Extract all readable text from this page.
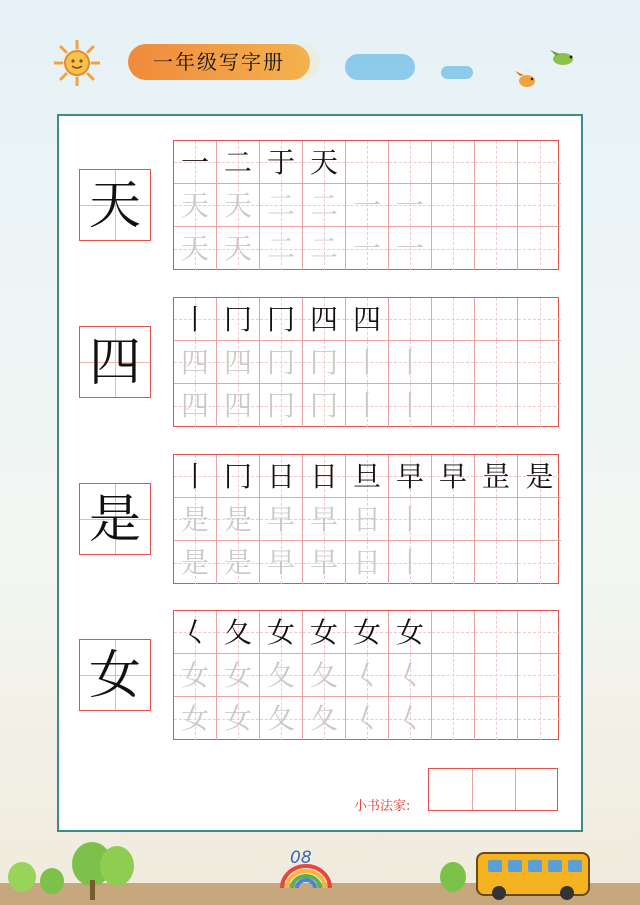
一年级写字册
天
一 二 于 天
天 天 二 二 一 一
天 天 二 二 一 一
四
丨 冂 冂 四 四
四 四 冂 冂 丨 丨
四 四 冂 冂 丨 丨
是
丨 冂 日 日 旦 早 早 昰 是
是 是 早 早 日 丨
是 是 早 早 日 丨
女
𡿨 夂 女 女 女 女
女 女 夂 夂 𡿨 𡿨
女 女 夂 夂 𡿨 𡿨
小书法家:
08
